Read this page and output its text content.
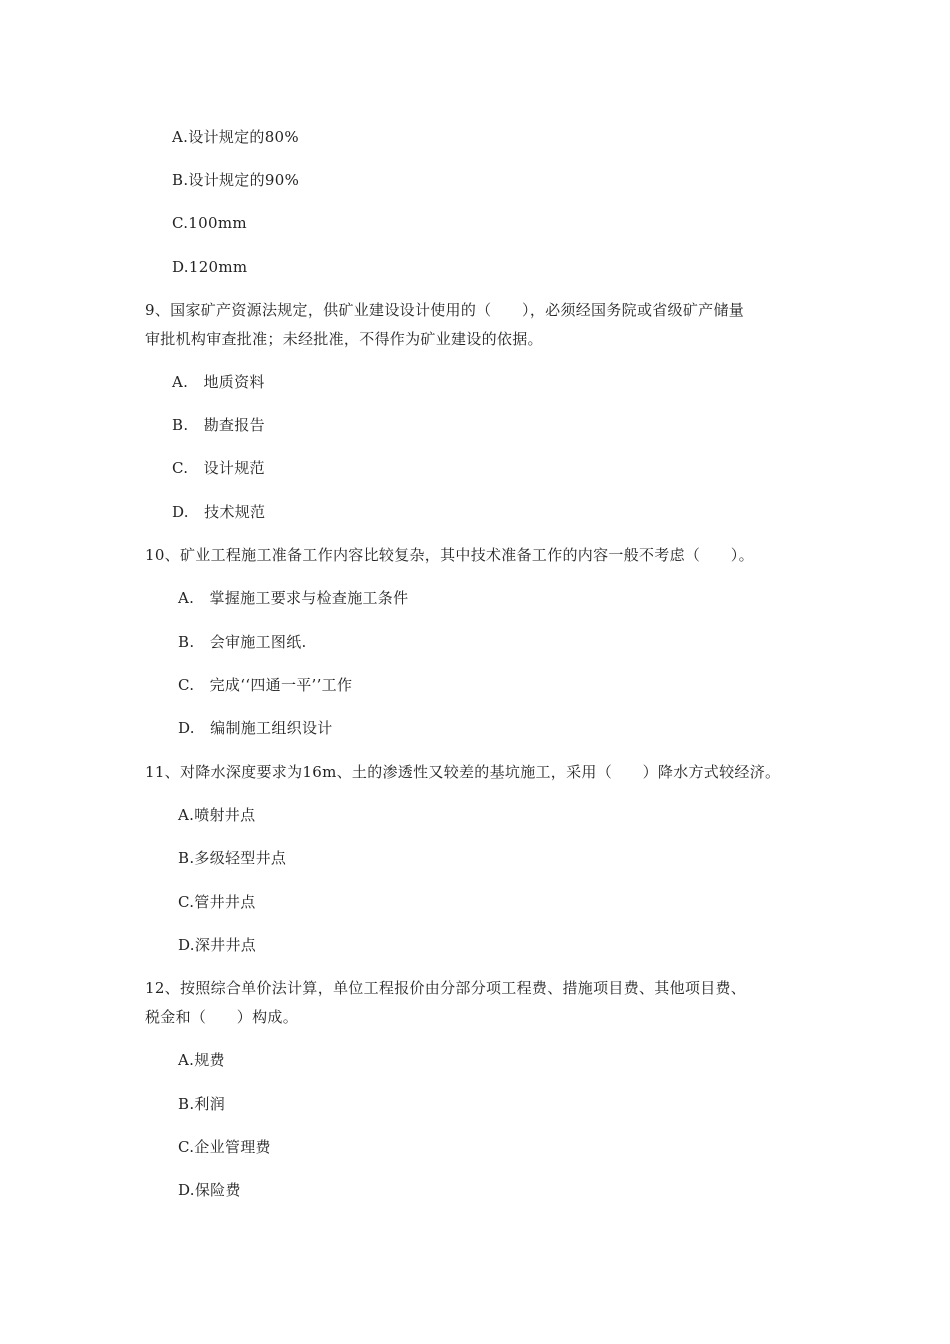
A.设计规定的80%
B.设计规定的90%
C.100mm
D.120mm
9、国家矿产资源法规定，供矿业建设设计使用的（　　），必须经国务院或省级矿产储量
审批机构审查批准；未经批准，不得作为矿业建设的依据。
A.　地质资料
B.　勘查报告
C.　设计规范
D.　技术规范
10、矿业工程施工准备工作内容比较复杂，其中技术准备工作的内容一般不考虑（　　）。
A.　掌握施工要求与检查施工条件
B.　会审施工图纸.
C.　完成‘‘四通一平’’工作
D.　编制施工组织设计
11、对降水深度要求为16m、土的渗透性又较差的基坑施工，采用（　　）降水方式较经济。
A.喷射井点
B.多级轻型井点
C.管井井点
D.深井井点
12、按照综合单价法计算，单位工程报价由分部分项工程费、措施项目费、其他项目费、
税金和（　　）构成。
A.规费
B.利润
C.企业管理费
D.保险费
